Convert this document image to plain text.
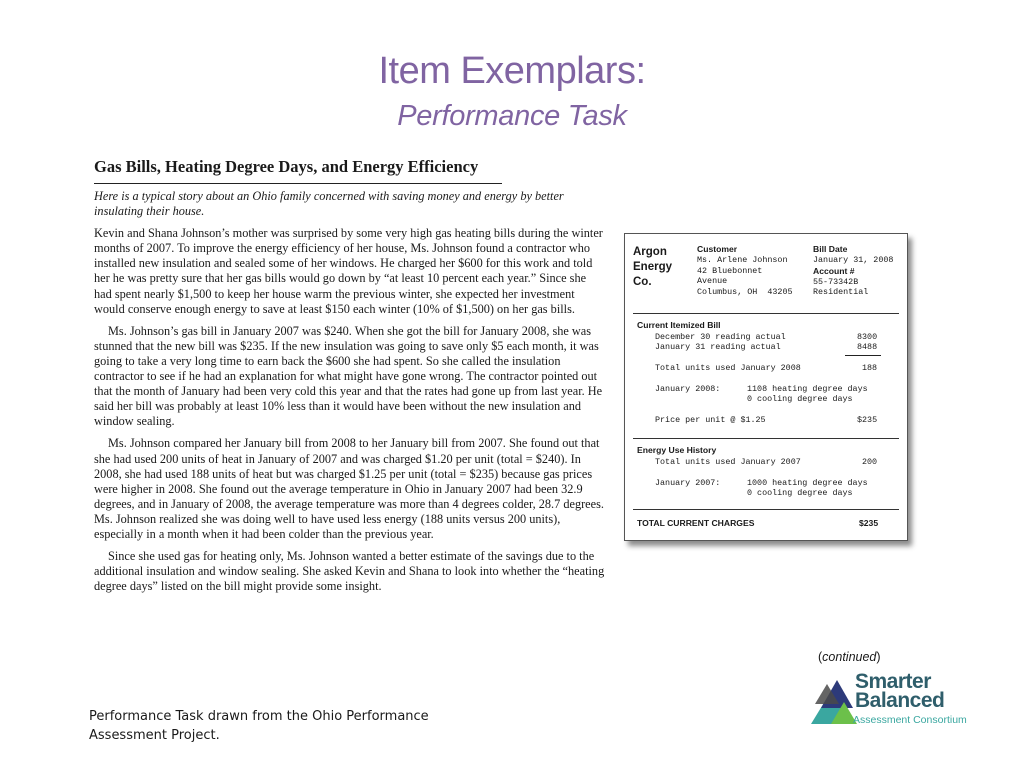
Item Exemplars:
Performance Task
Gas Bills, Heating Degree Days, and Energy Efficiency
Here is a typical story about an Ohio family concerned with saving money and energy by better insulating their house.

Kevin and Shana Johnson’s mother was surprised by some very high gas heating bills during the winter months of 2007. To improve the energy efficiency of her house, Ms. Johnson found a contractor who installed new insulation and sealed some of her windows. He charged her $600 for this work and told her he was pretty sure that her gas bills would go down by “at least 10 percent each year.” Since she had spent nearly $1,500 to keep her house warm the previous winter, she expected her investment would conserve enough energy to save at least $150 each winter (10% of $1,500) on her gas bills.

Ms. Johnson’s gas bill in January 2007 was $240. When she got the bill for January 2008, she was stunned that the new bill was $235. If the new insulation was going to save only $5 each month, it was going to take a very long time to earn back the $600 she had spent. So she called the insulation contractor to see if he had an explanation for what might have gone wrong. The contractor pointed out that the month of January had been very cold this year and that the rates had gone up from last year. He said her bill was probably at least 10% less than it would have been without the new insulation and window sealing.

Ms. Johnson compared her January bill from 2008 to her January bill from 2007. She found out that she had used 200 units of heat in January of 2007 and was charged $1.20 per unit (total = $240). In 2008, she had used 188 units of heat but was charged $1.25 per unit (total = $235) because gas prices were higher in 2008. She found out the average temperature in Ohio in January 2007 had been 32.9 degrees, and in January of 2008, the average temperature was more than 4 degrees colder, 28.7 degrees. Ms. Johnson realized she was doing well to have used less energy (188 units versus 200 units), especially in a month when it had been colder than the previous year.

Since she used gas for heating only, Ms. Johnson wanted a better estimate of the savings due to the additional insulation and window sealing. She asked Kevin and Shana to look into whether the “heating degree days” listed on the bill might provide some insight.

Argon
Energy
Co.
Customer
Ms. Arlene Johnson
42 Bluebonnet
Avenue
Columbus, OH  43205
Bill Date
January 31, 2008
Account #
55-73342B
Residential
Current Itemized Bill
December 30 reading actual	8300
January 31 reading actual	8488
Total units used January 2008	188
January 2008:	1108 heating degree days
0 cooling degree days
Price per unit @ $1.25	$235
Energy Use History
Total units used January 2007	200
January 2007:	1000 heating degree days
0 cooling degree days
TOTAL CURRENT CHARGES	$235
(continued)
Performance Task drawn from the Ohio Performance
Assessment Project.
Smarter
Balanced
Assessment Consortium
